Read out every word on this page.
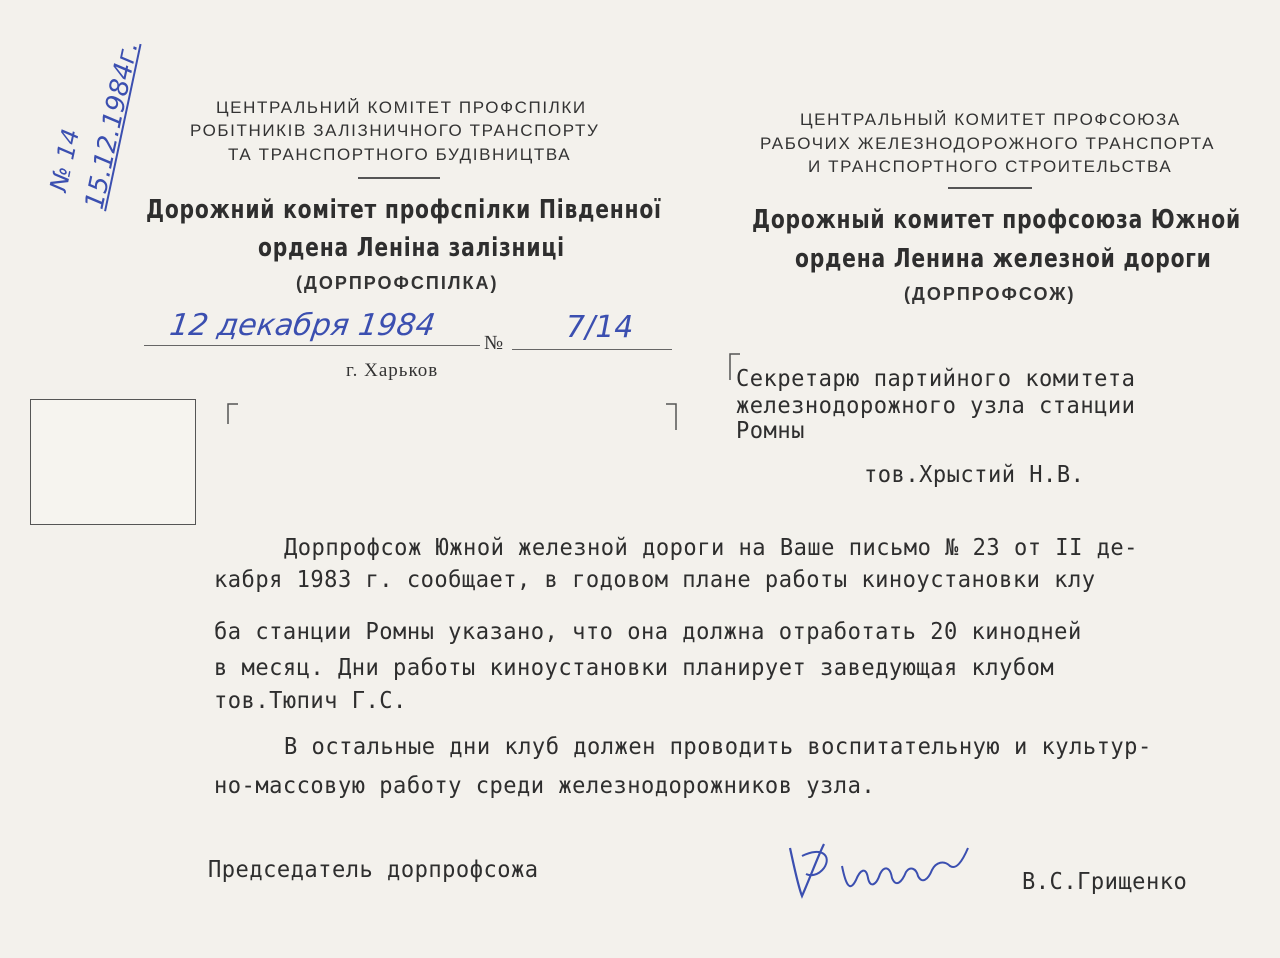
№ 14
15.12.1984г.	ЦЕНТРАЛЬНИЙ КОМІТЕТ ПРОФСПІЛКИ
РОБІТНИКІВ ЗАЛІЗНИЧНОГО ТРАНСПОРТУ
ТА ТРАНСПОРТНОГО БУДІВНИЦТВА
Дорожний комітет профспілки Південної
ордена Леніна залізниці
(ДОРПРОФСПІЛКА)
ЦЕНТРАЛЬНЫЙ КОМИТЕТ ПРОФСОЮЗА
РАБОЧИХ ЖЕЛЕЗНОДОРОЖНОГО ТРАНСПОРТА
И ТРАНСПОРТНОГО СТРОИТЕЛЬСТВА
Дорожный комитет профсоюза Южной
ордена Ленина железной дороги
(ДОРПРОФСОЖ)
12 декабря 1984 № 7/14
г. Харьков	Секретарю партийного комитета
железнодорожного узла станции
Ромны
тов.Хрыстий Н.В.
Дорпрофсож Южной железной дороги на Ваше письмо № 23 от II де-
кабря 1983 г. сообщает, в годовом плане работы киноустановки клу
ба станции Ромны указано, что она должна отработать 20 кинодней
в месяц. Дни работы киноустановки планирует заведующая клубом
тов.Тюпич Г.С.
В остальные дни клуб должен проводить воспитательную и культур-
но-массовую работу среди железнодорожников узла.
Председатель дорпрофсожа	В.С.Грищенко
